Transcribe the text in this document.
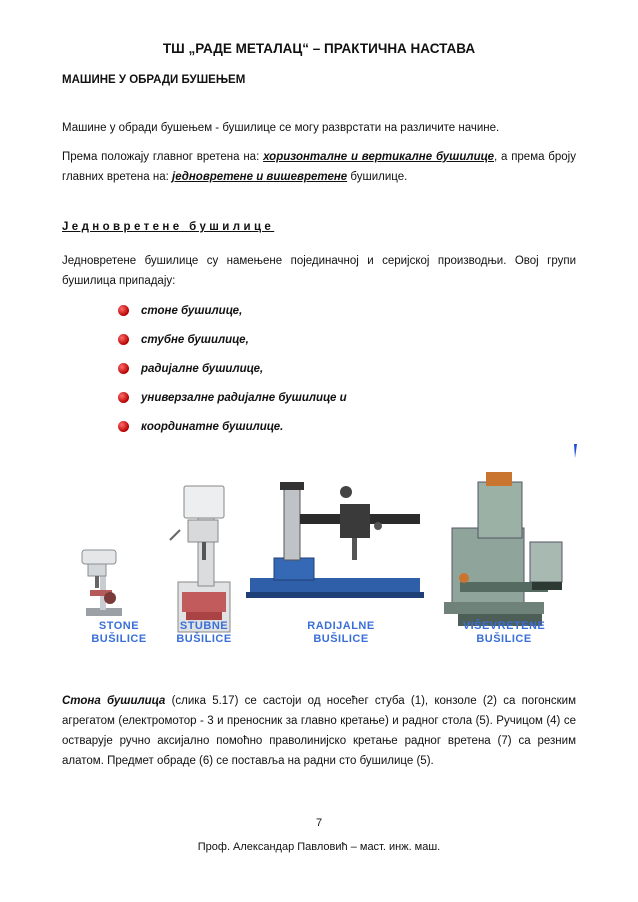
ТШ „РАДЕ МЕТАЛАЦ“ – ПРАКТИЧНА НАСТАВА
МАШИНЕ У ОБРАДИ БУШЕЊЕМ
Машине у обради бушењем - бушилице се могу разврстати на различите начине.
Према положају главног вретена на: хоризонталне и вертикалне бушилице, а према броју главних вретена на: једновретене и вишевретене бушилице.
Једновретене бушилице
Једновретене бушилице су намењене појединачној и серијској производњи. Овој групи бушилица припадају:
стоне бушилице,
стубне бушилице,
радијалне бушилице,
универзалне радијалне бушилице и
координатне бушилице.
STONE
BUŠILICE
STUBNE
BUŠILICE
RADIJALNE
BUŠILICE
VIŠEVRETENE
BUŠILICE
Стона бушилица (слика 5.17) се састоји од носећег стуба (1), конзоле (2) са погонским агрегатом (електромотор - 3 и преносник за главно кретање) и радног стола (5). Ручицом (4) се остварује ручно аксијално помоћно праволинијско кретање радног вретена (7) са резним алатом. Предмет обраде (6) се поставља на радни сто бушилице (5).
7
Проф. Александар Павловић – маст. инж. маш.
